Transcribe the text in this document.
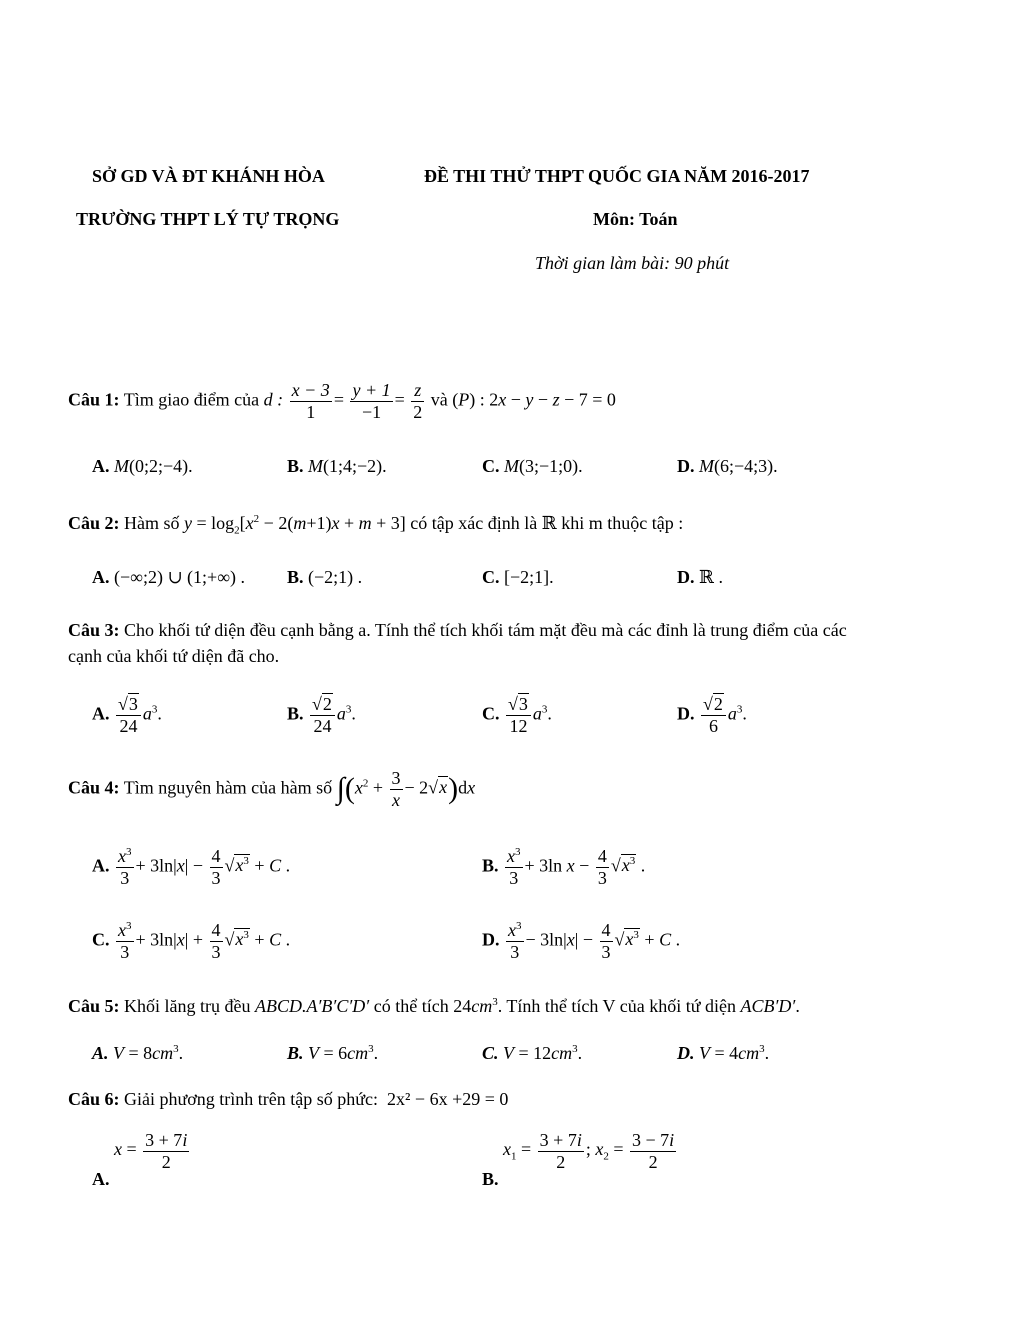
SỞ GD VÀ ĐT KHÁNH HÒA	ĐỀ THI THỬ THPT QUỐC GIA NĂM 2016-2017
TRƯỜNG THPT LÝ TỰ TRỌNG	Môn: Toán
Thời gian làm bài: 90 phút
Câu 1: Tìm giao điểm của d : $\frac{x - 3}{1} = \frac{y + 1}{-1} = \frac{z}{2}$ và (P) : 2x − y − z − 7 = 0
A. M(0;2;−4).	B. M(1;4;−2).	C. M(3;−1;0).	D. M(6;−4;3).
Câu 2: Hàm số $y = \log_2[x^2 - 2(m+1)x + m + 3]$ có tập xác định là ℝ khi m thuộc tập :
A. (−∞;2) ∪ (1;+∞) . B. (−2;1) .	C. [−2;1].	D. ℝ .
Câu 3: Cho khối tứ diện đều cạnh bằng a. Tính thể tích khối tám mặt đều mà các đỉnh là trung điểm của các
cạnh của khối tứ diện đã cho.
A. $\frac{√3}{24} a^3$.	B. $\frac{√2}{24} a^3$.	C. $\frac{√3}{12} a^3$.	D. $\frac{√2}{6} a^3$.
Câu 4: Tìm nguyên hàm của hàm số $\int(x^2 + \frac{3}{x} - 2√x)dx$
A. $\frac{x^3}{3} + 3\ln|x| - \frac{4}{3} √x^3 + C$ .	B. $\frac{x^3}{3} + 3\ln$ $x - \frac{4}{3} √x^3$ .
C. $\frac{x^3}{3} + 3\ln|x| + \frac{4}{3} √x^3 + C$ .	D. $\frac{x^3}{3} - 3\ln|x| - \frac{4}{3} √x^3 + C$ .
Câu 5: Khối lăng trụ đều ABCD.A′B′C′D′ có thể tích $24cm^3$. Tính thể tích V của khối tứ diện ACB′D′.
A. $V = 8cm^3$.	B. $V = 6cm^3$.	C. $V = 12cm^3$.	D. $V = 4cm^3$.
Câu 6: Giải phương trình trên tập số phức: 2x² − 6x +29 = 0
A. $x = \frac{3 + 7i}{2}$
B. $x_1 = \frac{3 + 7i}{2}$ ; $x_2 = \frac{3 - 7i}{2}$
